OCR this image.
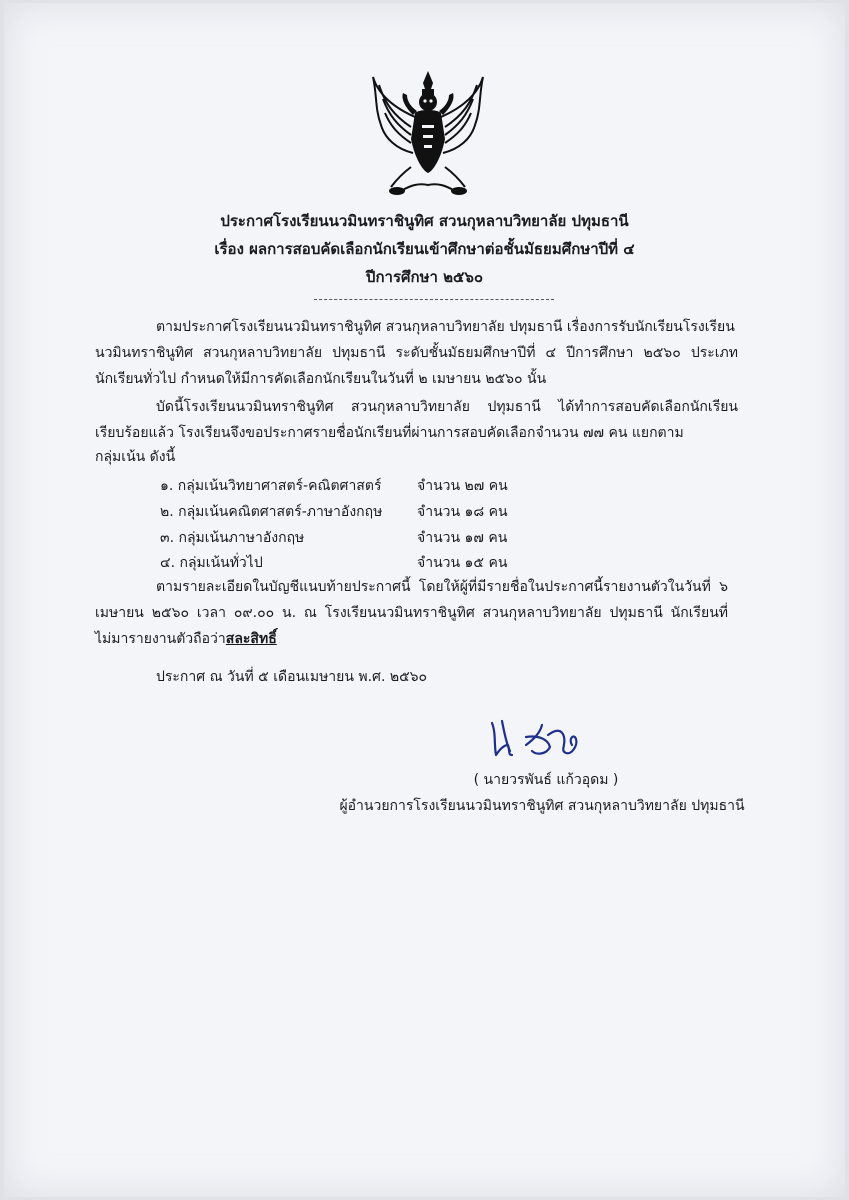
ประกาศโรงเรียนนวมินทราชินูทิศ สวนกุหลาบวิทยาลัย ปทุมธานี
เรื่อง ผลการสอบคัดเลือกนักเรียนเข้าศึกษาต่อชั้นมัธยมศึกษาปีที่ ๔
ปีการศึกษา ๒๕๖๐
ตามประกาศโรงเรียนนวมินทราชินูทิศ สวนกุหลาบวิทยาลัย ปทุมธานี เรื่องการรับนักเรียนโรงเรียน
นวมินทราชินูทิศ สวนกุหลาบวิทยาลัย ปทุมธานี ระดับชั้นมัธยมศึกษาปีที่ ๔ ปีการศึกษา ๒๕๖๐ ประเภท
นักเรียนทั่วไป กำหนดให้มีการคัดเลือกนักเรียนในวันที่ ๒ เมษายน ๒๕๖๐ นั้น
บัดนี้โรงเรียนนวมินทราชินูทิศ สวนกุหลาบวิทยาลัย ปทุมธานี ได้ทำการสอบคัดเลือกนักเรียน
เรียบร้อยแล้ว โรงเรียนจึงขอประกาศรายชื่อนักเรียนที่ผ่านการสอบคัดเลือกจำนวน ๗๗ คน แยกตาม
กลุ่มเน้น ดังนี้
๑. กลุ่มเน้นวิทยาศาสตร์-คณิตศาสตร์	จำนวน ๒๗ คน
๒. กลุ่มเน้นคณิตศาสตร์-ภาษาอังกฤษ จำนวน ๑๘ คน
๓. กลุ่มเน้นภาษาอังกฤษ	จำนวน ๑๗ คน
๔. กลุ่มเน้นทั่วไป	จำนวน ๑๕ คน
ตามรายละเอียดในบัญชีแนบท้ายประกาศนี้ โดยให้ผู้ที่มีรายชื่อในประกาศนี้รายงานตัวในวันที่ ๖
เมษายน ๒๕๖๐ เวลา ๐๙.๐๐ น. ณ โรงเรียนนวมินทราชินูทิศ สวนกุหลาบวิทยาลัย ปทุมธานี นักเรียนที่
ไม่มารายงานตัวถือว่าสละสิทธิ์
ประกาศ ณ วันที่ ๕ เดือนเมษายน พ.ศ. ๒๕๖๐
( นายวรพันธ์ แก้วอุดม )
ผู้อำนวยการโรงเรียนนวมินทราชินูทิศ สวนกุหลาบวิทยาลัย ปทุมธานี
